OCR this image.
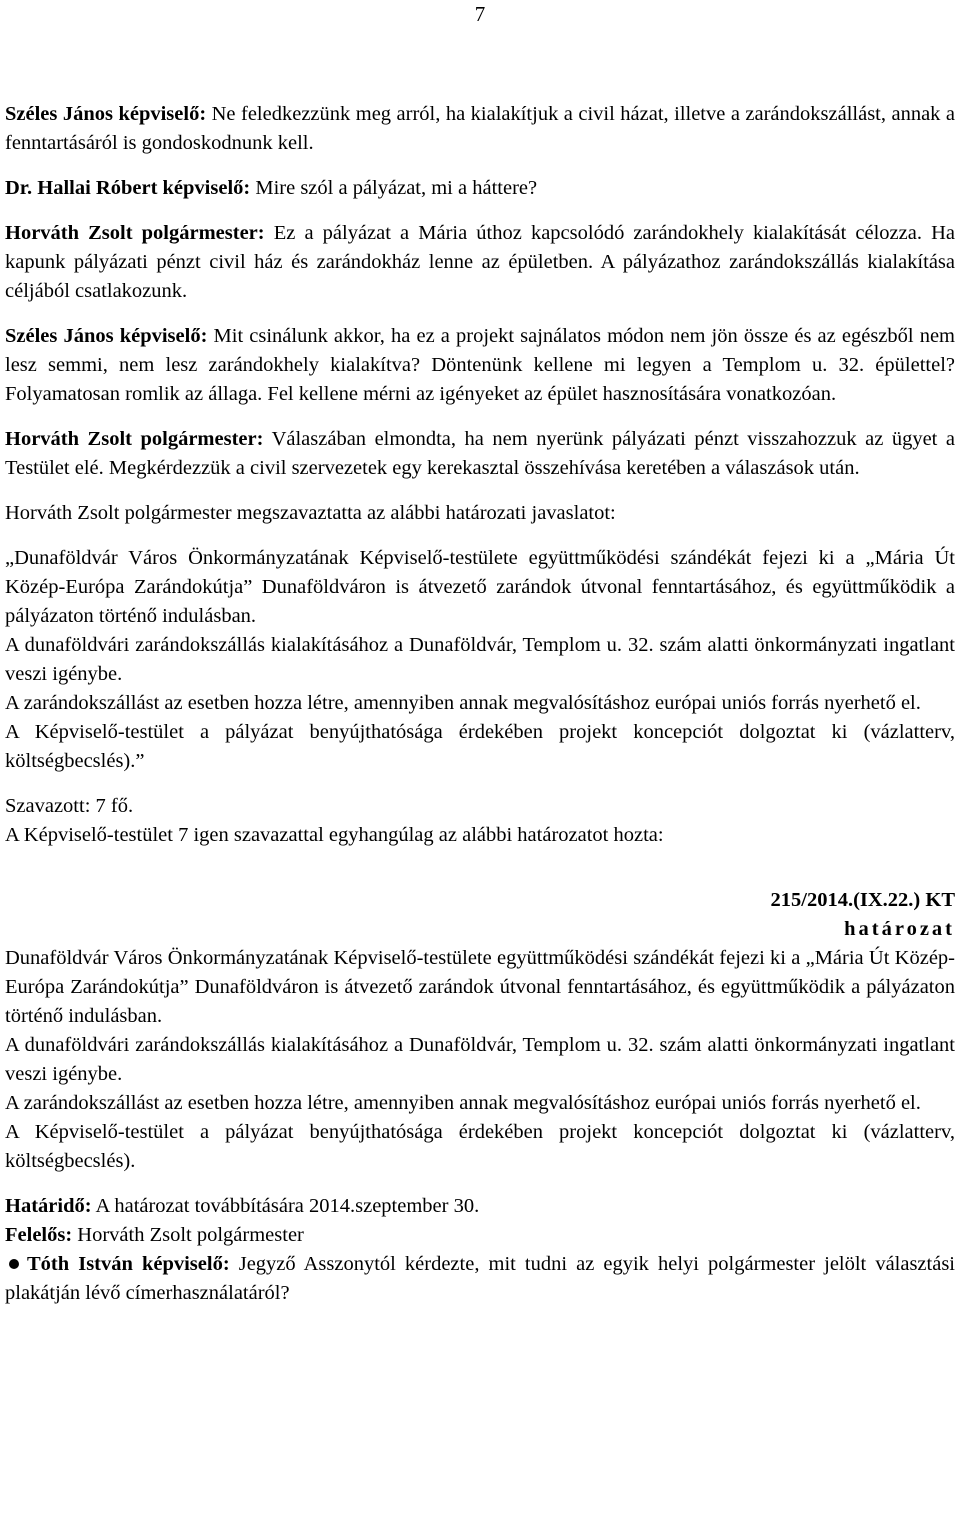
7

Széles János képviselő: Ne feledkezzünk meg arról, ha kialakítjuk a civil házat, illetve a zarándokszállást, annak a fenntartásáról is gondoskodnunk kell.

Dr. Hallai Róbert képviselő: Mire szól a pályázat, mi a háttere?

Horváth Zsolt polgármester: Ez a pályázat a Mária úthoz kapcsolódó zarándokhely kialakítását célozza. Ha kapunk pályázati pénzt civil ház és zarándokház lenne az épületben. A pályázathoz zarándokszállás kialakítása céljából csatlakozunk.

Széles János képviselő: Mit csinálunk akkor, ha ez a projekt sajnálatos módon nem jön össze és az egészből nem lesz semmi, nem lesz zarándokhely kialakítva? Döntenünk kellene mi legyen a Templom u. 32. épülettel? Folyamatosan romlik az állaga. Fel kellene mérni az igényeket az épület hasznosítására vonatkozóan.

Horváth Zsolt polgármester: Válaszában elmondta, ha nem nyerünk pályázati pénzt visszahozzuk az ügyet a Testület elé. Megkérdezzük a civil szervezetek egy kerekasztal összehívása keretében a válaszások után.

Horváth Zsolt polgármester megszavaztatta az alábbi határozati javaslatot:

„Dunaföldvár Város Önkormányzatának Képviselő-testülete együttműködési szándékát fejezi ki a „Mária Út Közép-Európa Zarándokútja” Dunaföldváron is átvezető zarándok útvonal fenntartásához, és együttműködik a pályázaton történő indulásban.

A dunaföldvári zarándokszállás kialakításához a Dunaföldvár, Templom u. 32. szám alatti önkormányzati ingatlant veszi igénybe.

A zarándokszállást az esetben hozza létre, amennyiben annak megvalósításhoz európai uniós forrás nyerhető el.

A Képviselő-testület a pályázat benyújthatósága érdekében projekt koncepciót dolgoztat ki (vázlatterv, költségbecslés).”

Szavazott: 7 fő.

A Képviselő-testület 7 igen szavazattal egyhangúlag az alábbi határozatot hozta:

215/2014.(IX.22.) KT

határozat

Dunaföldvár Város Önkormányzatának Képviselő-testülete együttműködési szándékát fejezi ki a „Mária Út Közép-Európa Zarándokútja” Dunaföldváron is átvezető zarándok útvonal fenntartásához, és együttműködik a pályázaton történő indulásban.

A dunaföldvári zarándokszállás kialakításához a Dunaföldvár, Templom u. 32. szám alatti önkormányzati ingatlant veszi igénybe.

A zarándokszállást az esetben hozza létre, amennyiben annak megvalósításhoz európai uniós forrás nyerhető el.

A Képviselő-testület a pályázat benyújthatósága érdekében projekt koncepciót dolgoztat ki (vázlatterv, költségbecslés).

Határidő: A határozat továbbítására 2014.szeptember 30.

Felelős: Horváth Zsolt polgármester

Tóth István képviselő: Jegyző Asszonytól kérdezte, mit tudni az egyik helyi polgármester jelölt választási plakátján lévő címerhasználatáról?
